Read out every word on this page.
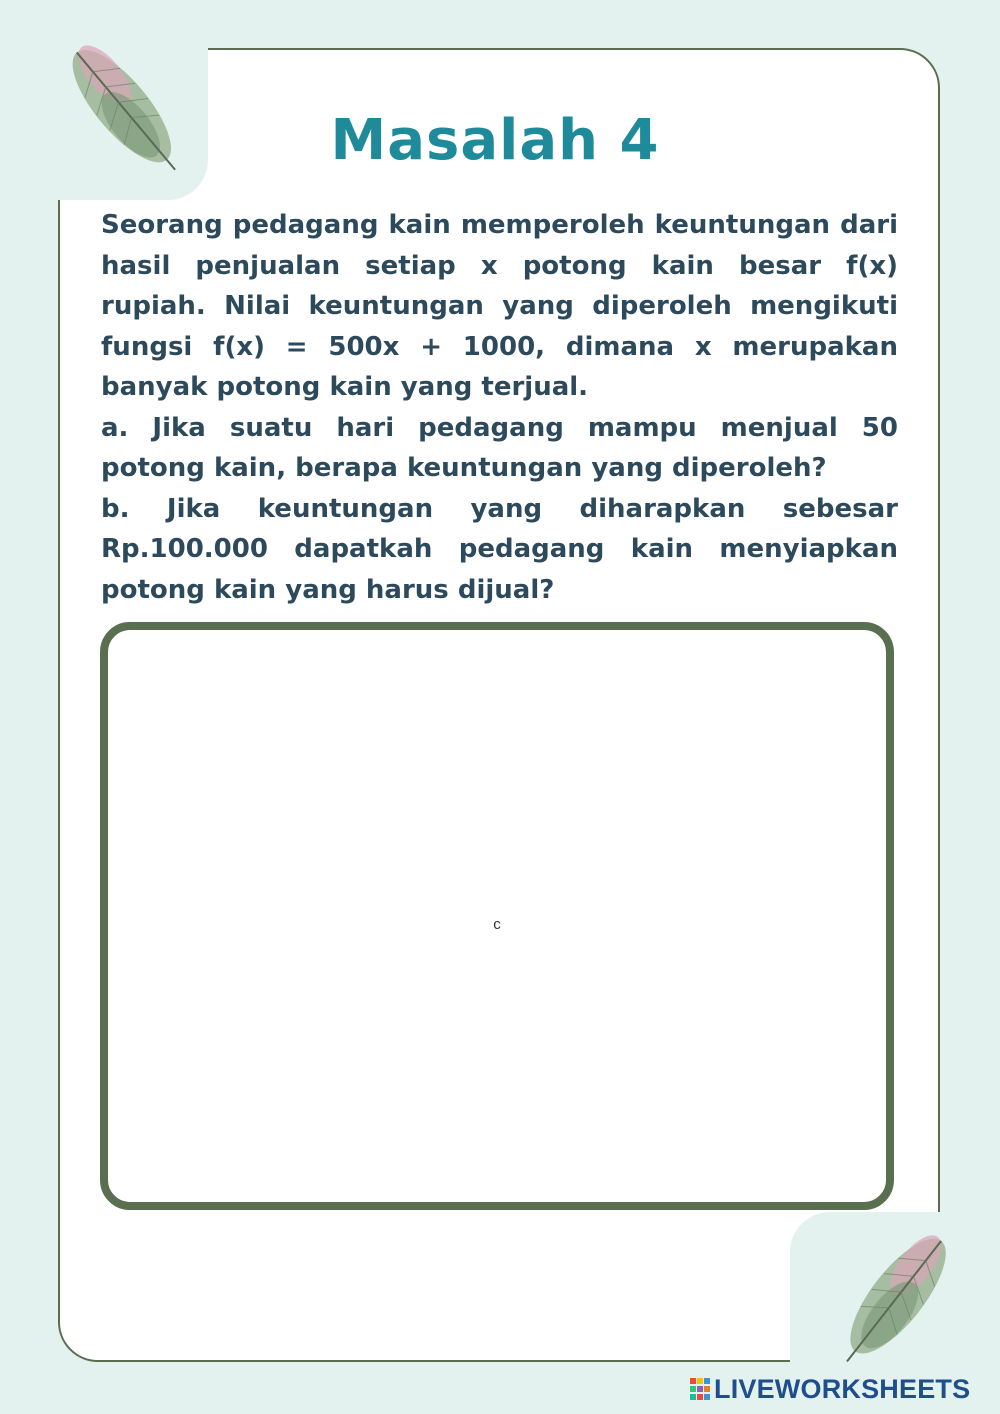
Masalah 4

Seorang pedagang kain memperoleh keuntungan dari hasil penjualan setiap x potong kain besar f(x) rupiah. Nilai keuntungan yang diperoleh mengikuti fungsi f(x) = 500x + 1000, dimana x merupakan banyak potong kain yang terjual.

a. Jika suatu hari pedagang mampu menjual 50 potong kain, berapa keuntungan yang diperoleh?

b. Jika keuntungan yang diharapkan sebesar Rp.100.000 dapatkah pedagang kain menyiapkan potong kain yang harus dijual?

c
LIVEWORKSHEETS
